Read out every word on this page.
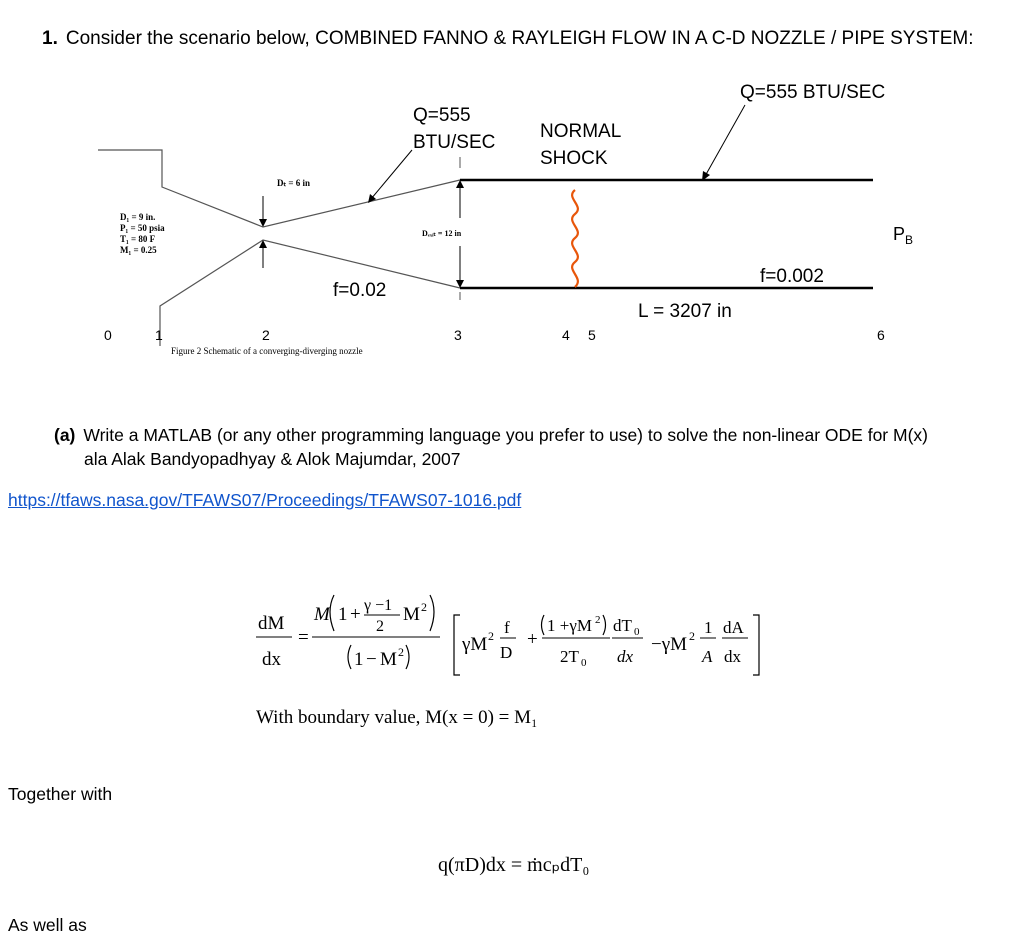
1. Consider the scenario below, COMBINED FANNO & RAYLEIGH FLOW IN A C-D NOZZLE / PIPE SYSTEM:
Q=555
BTU/SEC
NORMAL
SHOCK
Q=555 BTU/SEC
Dₜ = 6 in
D₁ = 9 in.
P₁ = 50 psia
T₁ = 80 F
M₁ = 0.25
Dₑₓᵢₜ = 12 in	$P_B$
f=0.02
f=0.002
L = 3207 in
0	1	2	3	4 5	6
Figure 2 Schematic of a converging-diverging nozzle
(a) Write a MATLAB (or any other programming language you prefer to use) to solve the non-linear ODE for M(x)
ala Alak Bandyopadhyay & Alok Majumdar, 2007
https://tfaws.nasa.gov/TFAWS07/Proceedings/TFAWS07-1016.pdf
dM
dx
=
M 1 + γ −1
2
M 2
1 − M 2	γM 2 f
D
+
1 +γM 2
2T 0
dT 0
dx
−γM 2 1
A
dA
dx
With boundary value, M(x = 0) = M₁
Together with
q(πD)dx = ṁcₚdT₀
As well as
